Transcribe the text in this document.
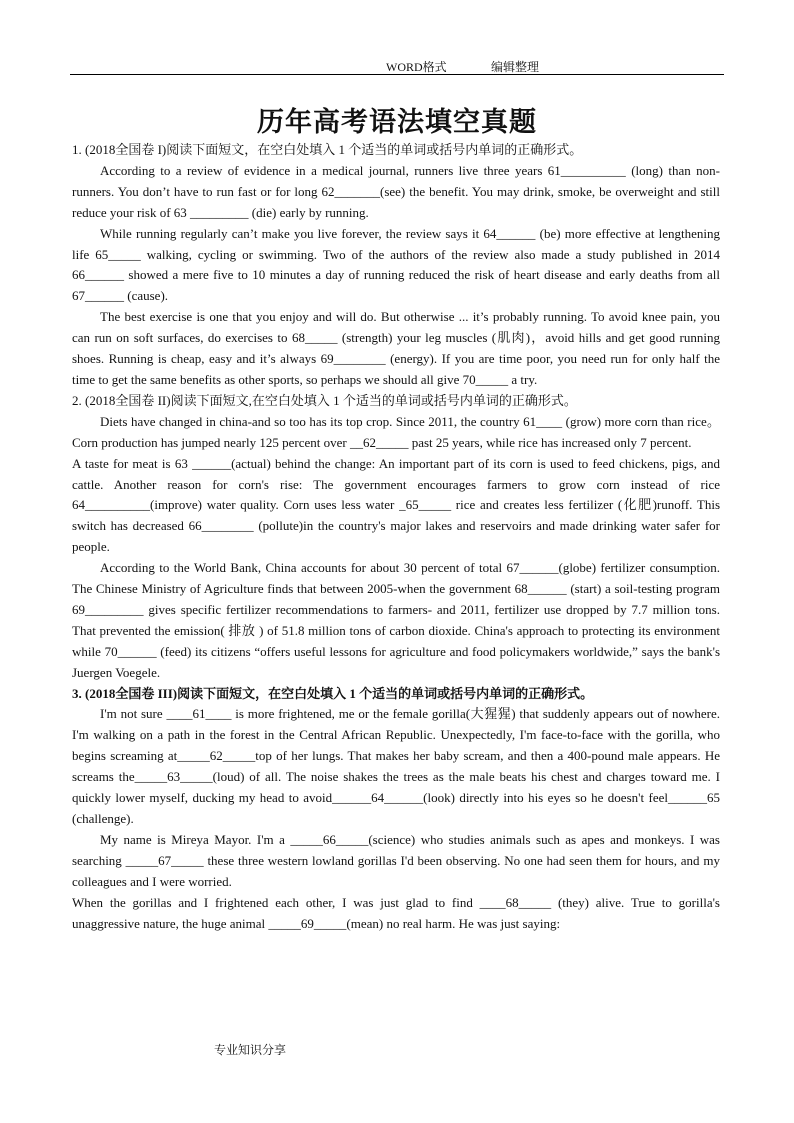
WORD格式	编辑整理
历年高考语法填空真题

1. (2018全国卷 I)阅读下面短文，在空白处填入 1 个适当的单词或括号内单词的正确形式。

According to a review of evidence in a medical journal, runners live three years 61__________ (long) than non-runners. You don’t have to run fast or for long 62_______(see) the benefit. You may drink, smoke, be overweight and still reduce your risk of 63 _________ (die) early by running.

While running regularly can’t make you live forever, the review says it 64______ (be) more effective at lengthening life 65_____ walking, cycling or swimming. Two of the authors of the review also made a study published in 2014 66______ showed a mere five to 10 minutes a day of running reduced the risk of heart disease and early deaths from all 67______ (cause).

The best exercise is one that you enjoy and will do. But otherwise ... it’s probably running. To avoid knee pain, you can run on soft surfaces, do exercises to 68_____ (strength) your leg muscles (肌肉)，avoid hills and get good running shoes. Running is cheap, easy and it’s always 69________ (energy). If you are time poor, you need run for only half the time to get the same benefits as other sports, so perhaps we should all give 70_____ a try.

2. (2018全国卷 II)阅读下面短文,在空白处填入 1 个适当的单词或括号内单词的正确形式。

Diets have changed in china-and so too has its top crop. Since 2011, the country 61____ (grow) more corn than rice。 Corn production has jumped nearly 125 percent over __62_____ past 25 years, while rice has increased only 7 percent.

A taste for meat is 63 ______(actual) behind the change: An important part of its corn is used to feed chickens, pigs, and cattle. Another reason for corn's rise: The government encourages farmers to grow corn instead of rice 64__________(improve) water quality. Corn uses less water _65_____ rice and creates less fertilizer (化肥)runoff. This switch has decreased 66________ (pollute)in the country's major lakes and reservoirs and made drinking water safer for people.

According to the World Bank, China accounts for about 30 percent of total 67______(globe) fertilizer consumption. The Chinese Ministry of Agriculture finds that between 2005-when the government 68______ (start) a soil-testing program 69_________ gives specific fertilizer recommendations to farmers- and 2011, fertilizer use dropped by 7.7 million tons. That prevented the emission( 排放 ) of 51.8 million tons of carbon dioxide. China's approach to protecting its environment while 70______ (feed) its citizens “offers useful lessons for agriculture and food policymakers worldwide,” says the bank's Juergen Voegele.

3. (2018全国卷 III)阅读下面短文，在空白处填入 1 个适当的单词或括号内单词的正确形式。

I'm not sure ____61____ is more frightened, me or the female gorilla(大猩猩) that suddenly appears out of nowhere. I'm walking on a path in the forest in the Central African Republic. Unexpectedly, I'm face-to-face with the gorilla, who begins screaming at_____62_____top of her lungs. That makes her baby scream, and then a 400-pound male appears. He screams the_____63_____(loud) of all. The noise shakes the trees as the male beats his chest and charges toward me. I quickly lower myself, ducking my head to avoid______64______(look) directly into his eyes so he doesn't feel______65 (challenge).

My name is Mireya Mayor. I'm a _____66_____(science) who studies animals such as apes and monkeys. I was searching _____67_____ these three western lowland gorillas I'd been observing. No one had seen them for hours, and my colleagues and I were worried.

When the gorillas and I frightened each other, I was just glad to find ____68_____ (they) alive. True to gorilla's unaggressive nature, the huge animal _____69_____(mean) no real harm. He was just saying:

专业知识分享
